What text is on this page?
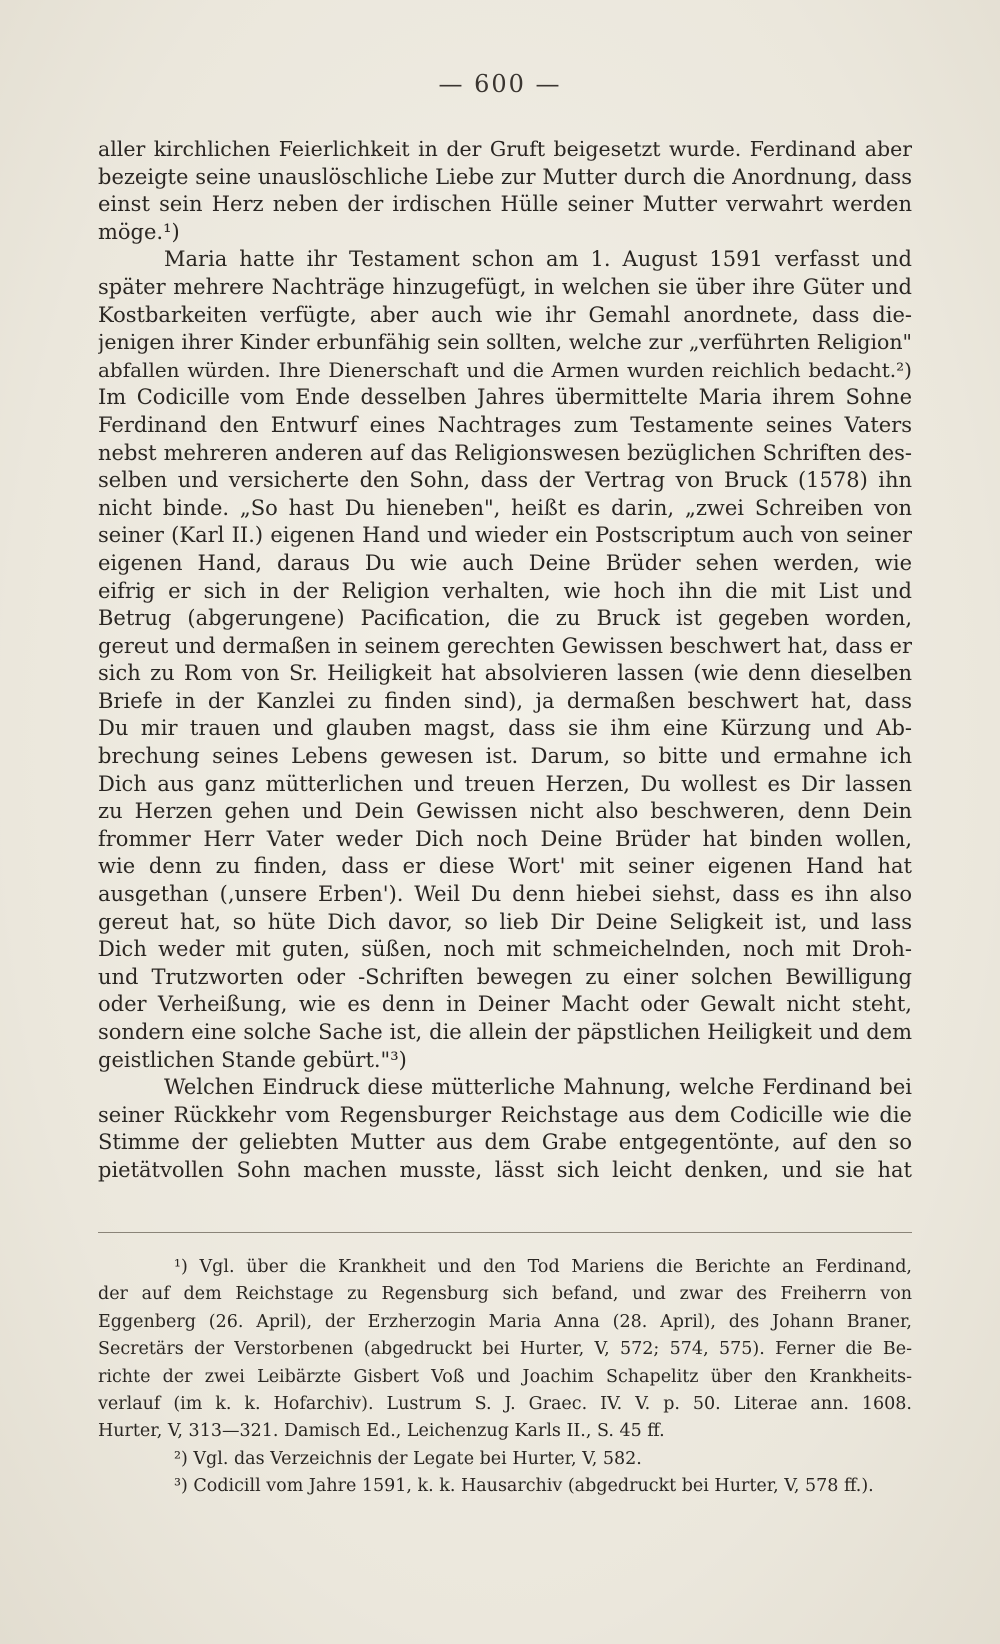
— 600 —
aller kirchlichen Feierlichkeit in der Gruft beigesetzt wurde. Ferdinand aber
bezeigte seine unauslöschliche Liebe zur Mutter durch die Anordnung, dass
einst sein Herz neben der irdischen Hülle seiner Mutter verwahrt werden
möge.¹)
Maria hatte ihr Testament schon am 1. August 1591 verfasst und
später mehrere Nachträge hinzugefügt, in welchen sie über ihre Güter und
Kostbarkeiten verfügte, aber auch wie ihr Gemahl anordnete, dass die-
jenigen ihrer Kinder erbunfähig sein sollten, welche zur „verführten Religion"
abfallen würden. Ihre Dienerschaft und die Armen wurden reichlich bedacht.²)
Im Codicille vom Ende desselben Jahres übermittelte Maria ihrem Sohne
Ferdinand den Entwurf eines Nachtrages zum Testamente seines Vaters
nebst mehreren anderen auf das Religionswesen bezüglichen Schriften des-
selben und versicherte den Sohn, dass der Vertrag von Bruck (1578) ihn
nicht binde. „So hast Du hieneben", heißt es darin, „zwei Schreiben von
seiner (Karl II.) eigenen Hand und wieder ein Postscriptum auch von seiner
eigenen Hand, daraus Du wie auch Deine Brüder sehen werden, wie
eifrig er sich in der Religion verhalten, wie hoch ihn die mit List und
Betrug (abgerungene) Pacification, die zu Bruck ist gegeben worden,
gereut und dermaßen in seinem gerechten Gewissen beschwert hat, dass er
sich zu Rom von Sr. Heiligkeit hat absolvieren lassen (wie denn dieselben
Briefe in der Kanzlei zu finden sind), ja dermaßen beschwert hat, dass
Du mir trauen und glauben magst, dass sie ihm eine Kürzung und Ab-
brechung seines Lebens gewesen ist. Darum, so bitte und ermahne ich
Dich aus ganz mütterlichen und treuen Herzen, Du wollest es Dir lassen
zu Herzen gehen und Dein Gewissen nicht also beschweren, denn Dein
frommer Herr Vater weder Dich noch Deine Brüder hat binden wollen,
wie denn zu finden, dass er diese Wort' mit seiner eigenen Hand hat
ausgethan (‚unsere Erben'). Weil Du denn hiebei siehst, dass es ihn also
gereut hat, so hüte Dich davor, so lieb Dir Deine Seligkeit ist, und lass
Dich weder mit guten, süßen, noch mit schmeichelnden, noch mit Droh-
und Trutzworten oder -Schriften bewegen zu einer solchen Bewilligung
oder Verheißung, wie es denn in Deiner Macht oder Gewalt nicht steht,
sondern eine solche Sache ist, die allein der päpstlichen Heiligkeit und dem
geistlichen Stande gebürt."³)
Welchen Eindruck diese mütterliche Mahnung, welche Ferdinand bei
seiner Rückkehr vom Regensburger Reichstage aus dem Codicille wie die
Stimme der geliebten Mutter aus dem Grabe entgegentönte, auf den so
pietätvollen Sohn machen musste, lässt sich leicht denken, und sie hat
¹) Vgl. über die Krankheit und den Tod Mariens die Berichte an Ferdinand,
der auf dem Reichstage zu Regensburg sich befand, und zwar des Freiherrn von
Eggenberg (26. April), der Erzherzogin Maria Anna (28. April), des Johann Braner,
Secretärs der Verstorbenen (abgedruckt bei Hurter, V, 572; 574, 575). Ferner die Be-
richte der zwei Leibärzte Gisbert Voß und Joachim Schapelitz über den Krankheits-
verlauf (im k. k. Hofarchiv). Lustrum S. J. Graec. IV. V. p. 50. Literae ann. 1608.
Hurter, V, 313—321. Damisch Ed., Leichenzug Karls II., S. 45 ff.
²) Vgl. das Verzeichnis der Legate bei Hurter, V, 582.
³) Codicill vom Jahre 1591, k. k. Hausarchiv (abgedruckt bei Hurter, V, 578 ff.).
